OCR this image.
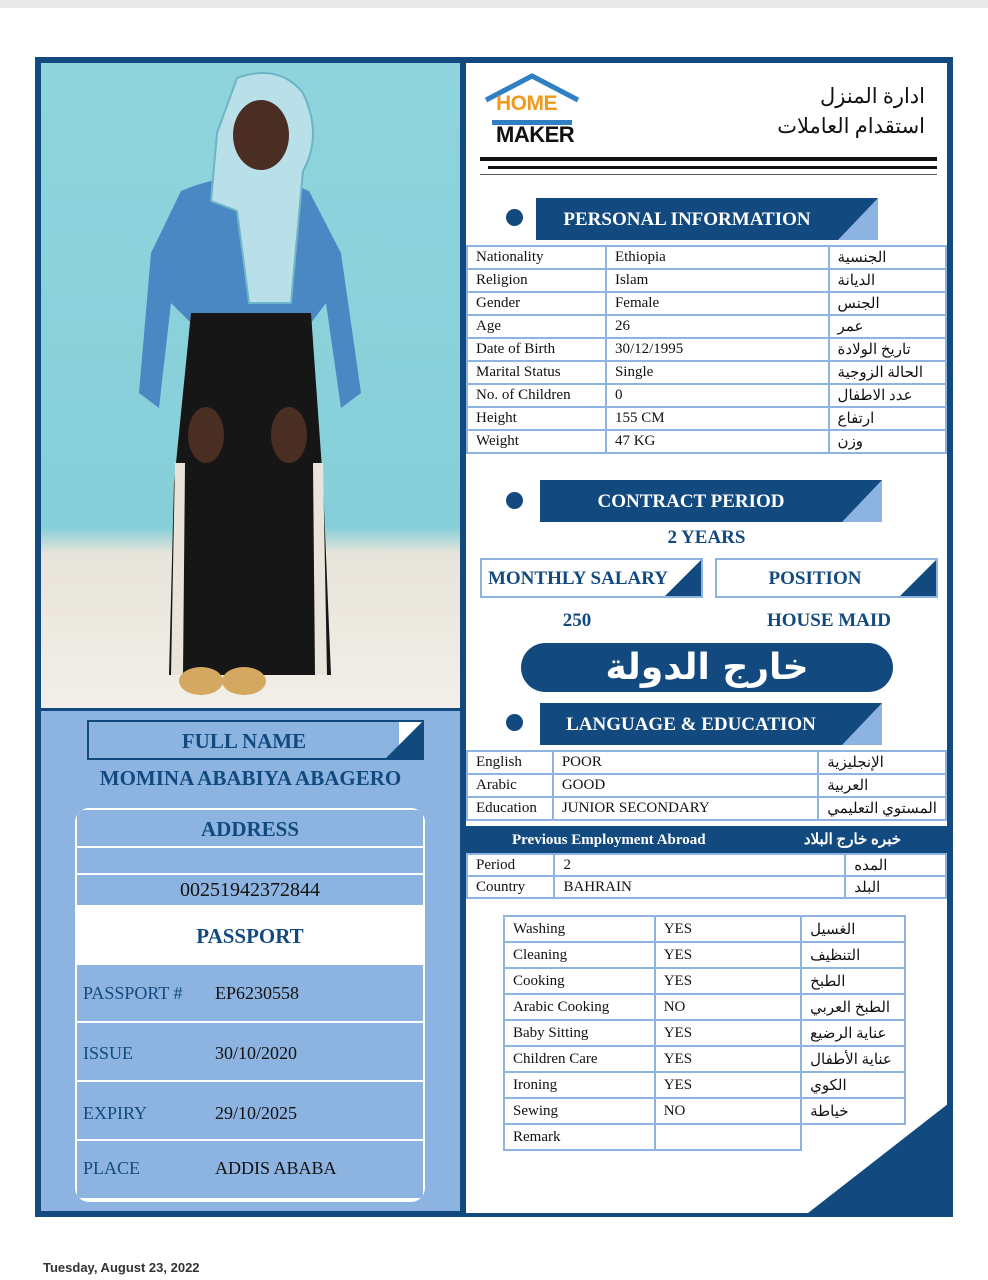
FULL NAME
MOMINA ABABIYA ABAGERO
ADDRESS
00251942372844
PASSPORT
PASSPORT # EP6230558
ISSUE	30/10/2020
EXPIRY	29/10/2025
PLACE	ADDIS ABABA
HOME
MAKER
ادارة المنزل
استقدام العاملات
PERSONAL INFORMATION
Nationality	Ethiopia	الجنسية
Religion	Islam	الديانة
Gender	Female	الجنس
Age	26	عمر
Date of Birth	30/12/1995	تاريخ الولادة
Marital Status	Single	الحالة الزوجية
No. of Children	0	عدد الاطفال
Height	155 CM	ارتفاع
Weight	47 KG	وزن
CONTRACT PERIOD
2 YEARS
MONTHLY SALARY	POSITION
250	HOUSE MAID
خارج الدولة
LANGUAGE & EDUCATION
English	POOR	الإنجليزية
Arabic	GOOD	العربية
Education	JUNIOR SECONDARY	المستوي التعليمي
Previous Employment Abroad	خبره خارج البلاد
Period	2	المده
Country	BAHRAIN	البلد
Washing	YES	الغسيل
Cleaning	YES	التنظيف
Cooking	YES	الطبخ
Arabic Cooking	NO	الطبخ العربي
Baby Sitting	YES	عناية الرضيع
Children Care	YES	عناية الأطفال
Ironing	YES	الكوي
Sewing	NO	خياطة
Remark		
Tuesday, August 23, 2022
